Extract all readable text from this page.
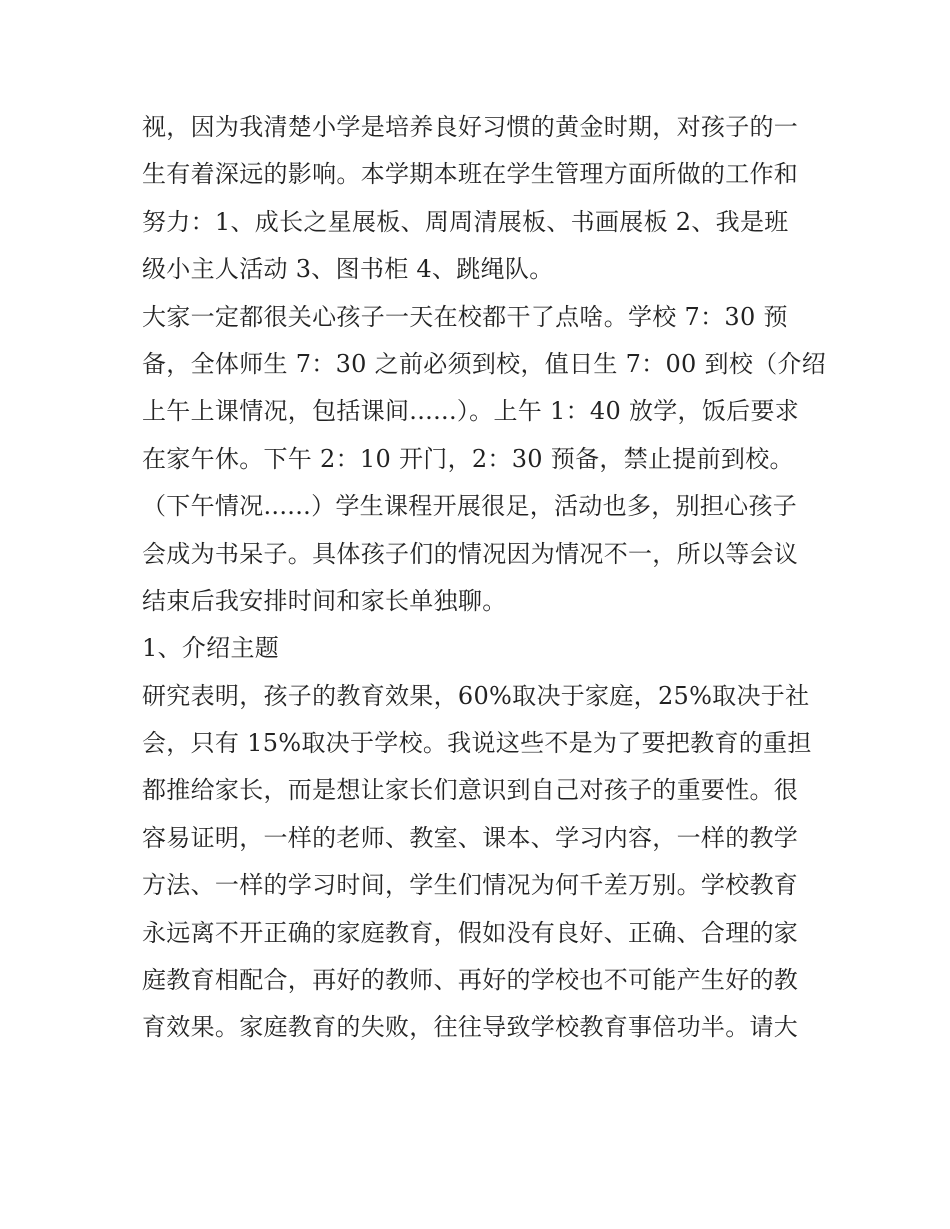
视，因为我清楚小学是培养良好习惯的黄金时期，对孩子的一
生有着深远的影响。本学期本班在学生管理方面所做的工作和
努力：1、成长之星展板、周周清展板、书画展板 2、我是班
级小主人活动 3、图书柜 4、跳绳队。
大家一定都很关心孩子一天在校都干了点啥。学校 7：30 预
备，全体师生 7：30 之前必须到校，值日生 7：00 到校（介绍
上午上课情况，包括课间......）。上午 1：40 放学，饭后要求
在家午休。下午 2：10 开门，2：30 预备，禁止提前到校。
（下午情况......）学生课程开展很足，活动也多，别担心孩子
会成为书呆子。具体孩子们的情况因为情况不一，所以等会议
结束后我安排时间和家长单独聊。
1、介绍主题
研究表明，孩子的教育效果，60%取决于家庭，25%取决于社
会，只有 15%取决于学校。我说这些不是为了要把教育的重担
都推给家长，而是想让家长们意识到自己对孩子的重要性。很
容易证明，一样的老师、教室、课本、学习内容，一样的教学
方法、一样的学习时间，学生们情况为何千差万别。学校教育
永远离不开正确的家庭教育，假如没有良好、正确、合理的家
庭教育相配合，再好的教师、再好的学校也不可能产生好的教
育效果。家庭教育的失败，往往导致学校教育事倍功半。请大
